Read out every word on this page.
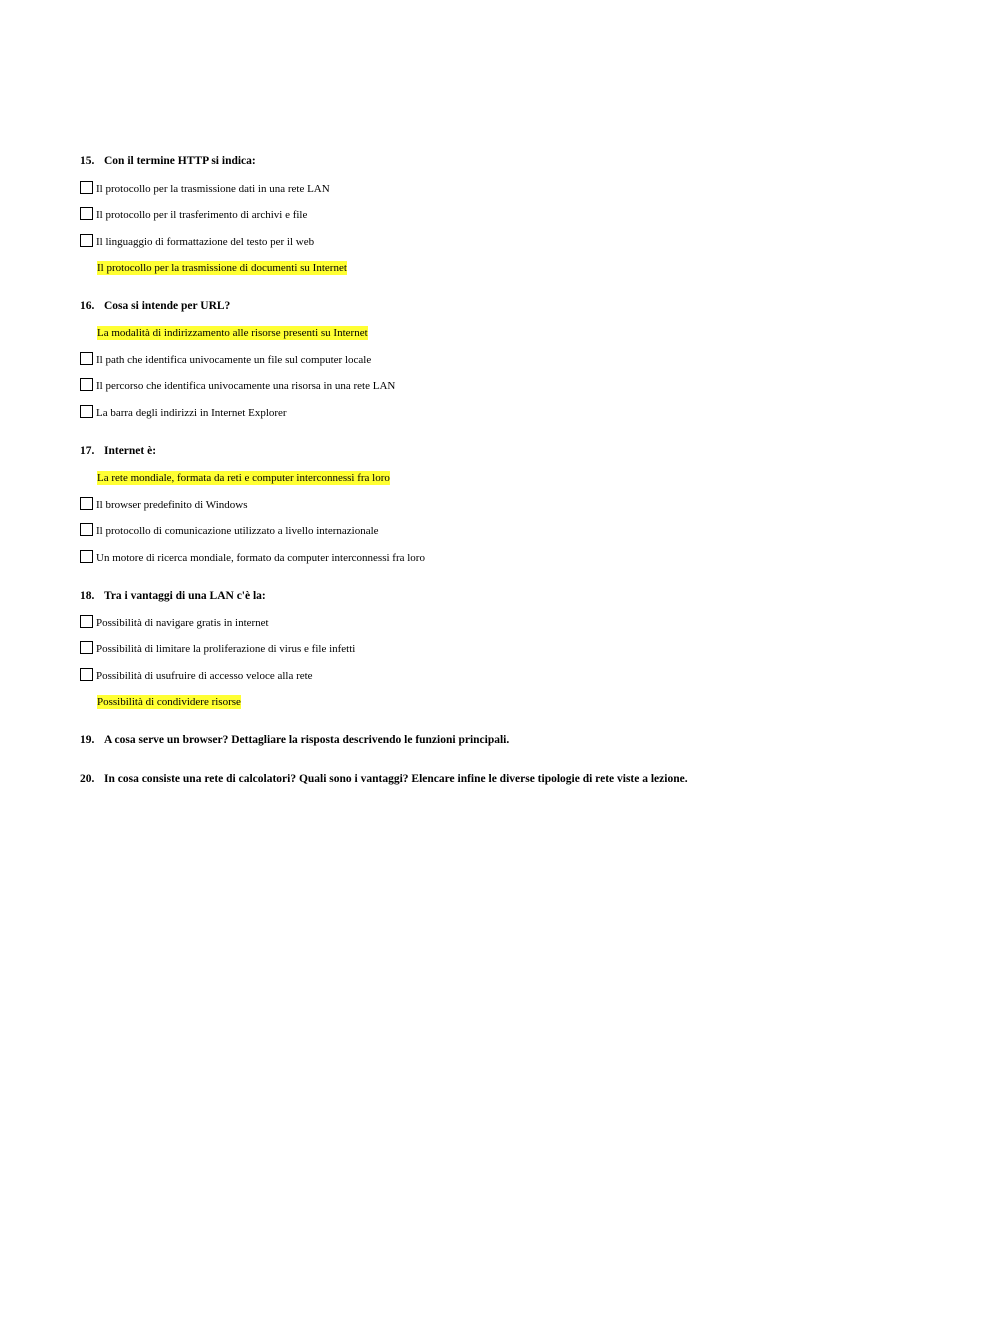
15. Con il termine HTTP si indica:
Il protocollo per la trasmissione dati in una rete LAN
Il protocollo per il trasferimento di archivi e file
Il linguaggio di formattazione del testo per il web
Il protocollo per la trasmissione di documenti su Internet
16. Cosa si intende per URL?
La modalità di indirizzamento alle risorse presenti su Internet
Il path che identifica univocamente un file sul computer locale
Il percorso che identifica univocamente una risorsa in una rete LAN
La barra degli indirizzi in Internet Explorer
17. Internet è:
La rete mondiale, formata da reti e computer interconnessi fra loro
Il browser predefinito di Windows
Il protocollo di comunicazione utilizzato a livello internazionale
Un motore di ricerca mondiale, formato da computer interconnessi fra loro
18. Tra i vantaggi di una LAN c'è la:
Possibilità di navigare gratis in internet
Possibilità di limitare la proliferazione di virus e file infetti
Possibilità di usufruire di accesso veloce alla rete
Possibilità di condividere risorse
19. A cosa serve un browser? Dettagliare la risposta descrivendo le funzioni principali.
20. In cosa consiste una rete di calcolatori? Quali sono i vantaggi? Elencare infine le diverse tipologie di rete viste a lezione.
